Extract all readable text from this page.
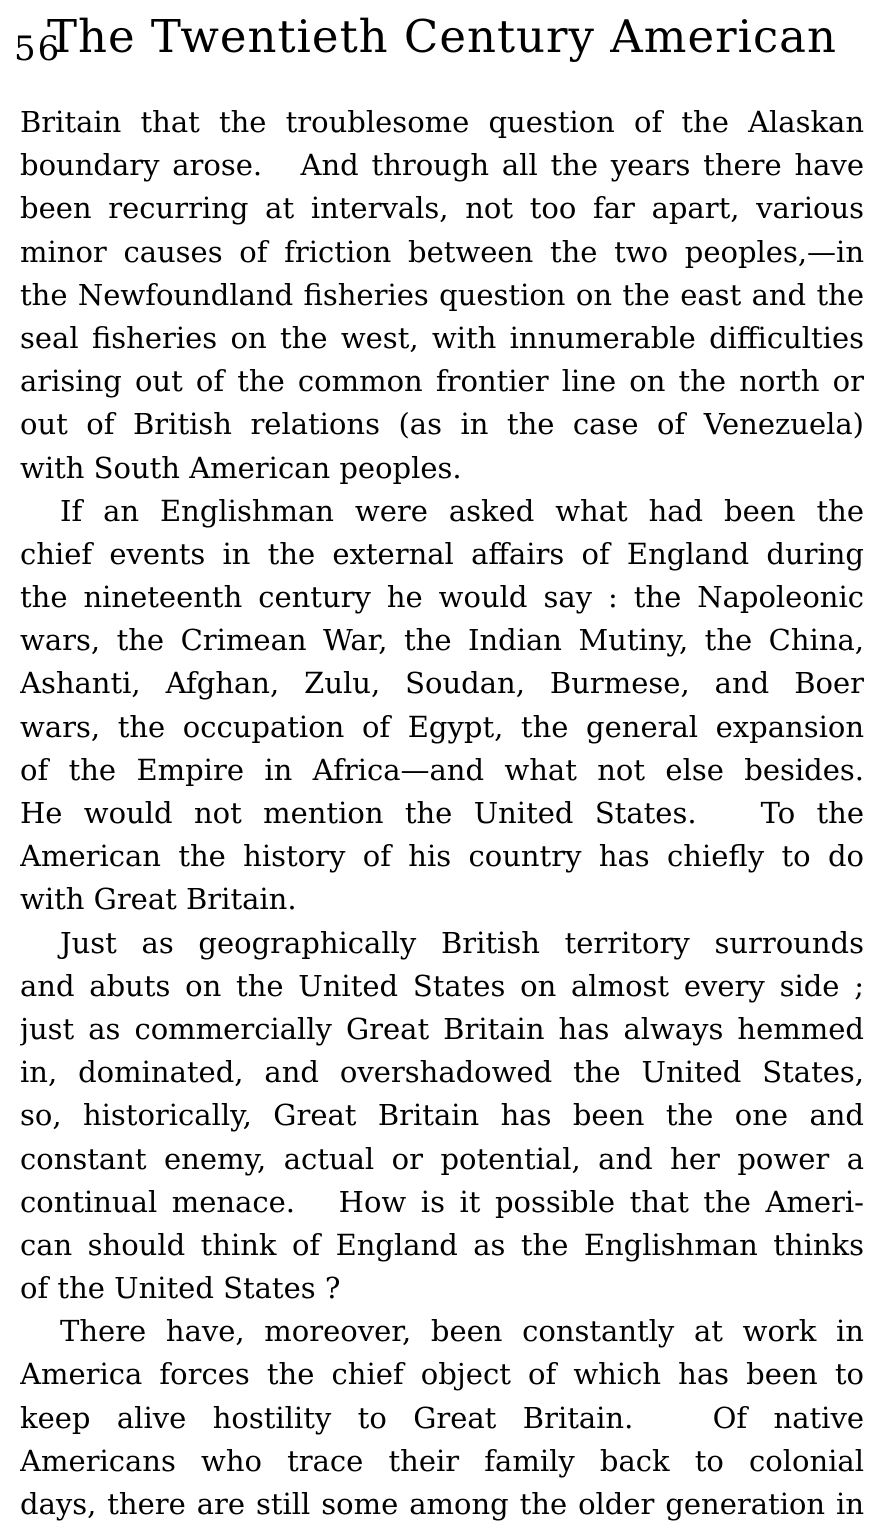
56
The Twentieth Century American
Britain that the troublesome question of the Alaskan
boundary arose.   And through all the years there have
been recurring at intervals, not too far apart, various
minor causes of friction between the two peoples,—in
the Newfoundland fisheries question on the east and the
seal fisheries on the west, with innumerable difficulties
arising out of the common frontier line on the north or
out of British relations (as in the case of Venezuela)
with South American peoples.
If an Englishman were asked what had been the
chief events in the external affairs of England during
the nineteenth century he would say : the Napoleonic
wars, the Crimean War, the Indian Mutiny, the China,
Ashanti, Afghan, Zulu, Soudan, Burmese, and Boer
wars, the occupation of Egypt, the general expansion
of the Empire in Africa—and what not else besides.
He would not mention the United States.   To the
American the history of his country has chiefly to do
with Great Britain.
Just as geographically British territory surrounds
and abuts on the United States on almost every side ;
just as commercially Great Britain has always hemmed
in, dominated, and overshadowed the United States,
so, historically, Great Britain has been the one and
constant enemy, actual or potential, and her power a
continual menace.   How is it possible that the Ameri-
can should think of England as the Englishman thinks
of the United States ?
There have, moreover, been constantly at work in
America forces the chief object of which has been to
keep alive hostility to Great Britain.   Of native
Americans who trace their family back to colonial
days, there are still some among the older generation in
